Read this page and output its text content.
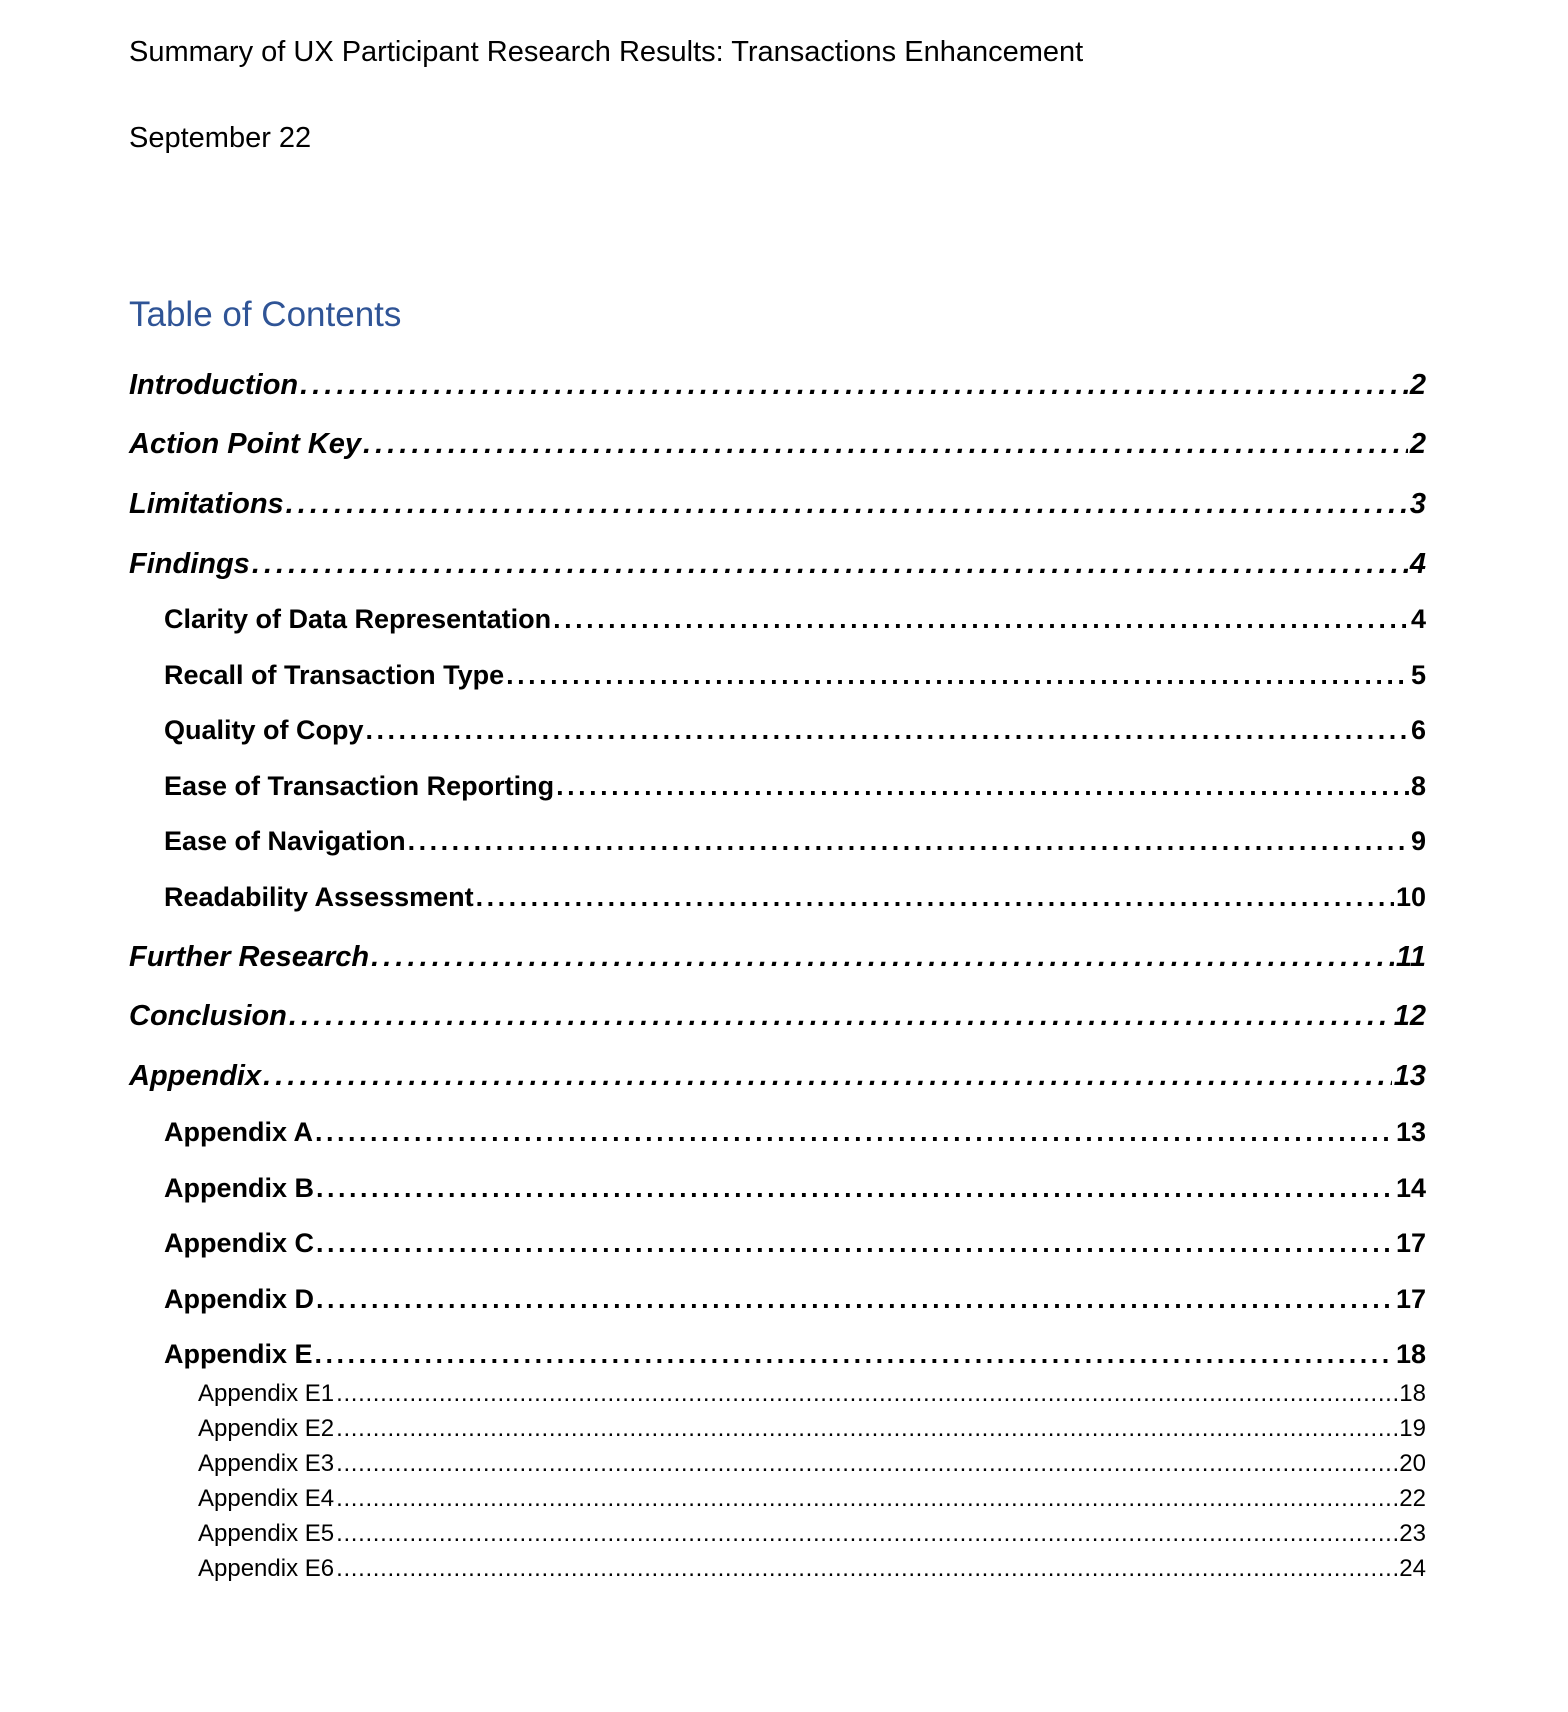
Summary of UX Participant Research Results: Transactions Enhancement
September 22
Table of Contents
Introduction . . .	2
Action Point Key . . .	2
Limitations . . .	3
Findings . . .	4
Clarity of Data Representation . . .	4
Recall of Transaction Type . . .	5
Quality of Copy . . .	6
Ease of Transaction Reporting . . .	8
Ease of Navigation . . .	9
Readability Assessment . . .	10
Further Research . . .	11
Conclusion . . .	12
Appendix . . .	13
Appendix A . . .	13
Appendix B . . .	14
Appendix C . . .	17
Appendix D . . .	17
Appendix E . . .	18
Appendix E1 . . .	18
Appendix E2 . . .	19
Appendix E3 . . .	20
Appendix E4 . . .	22
Appendix E5 . . .	23
Appendix E6 . . .	24
